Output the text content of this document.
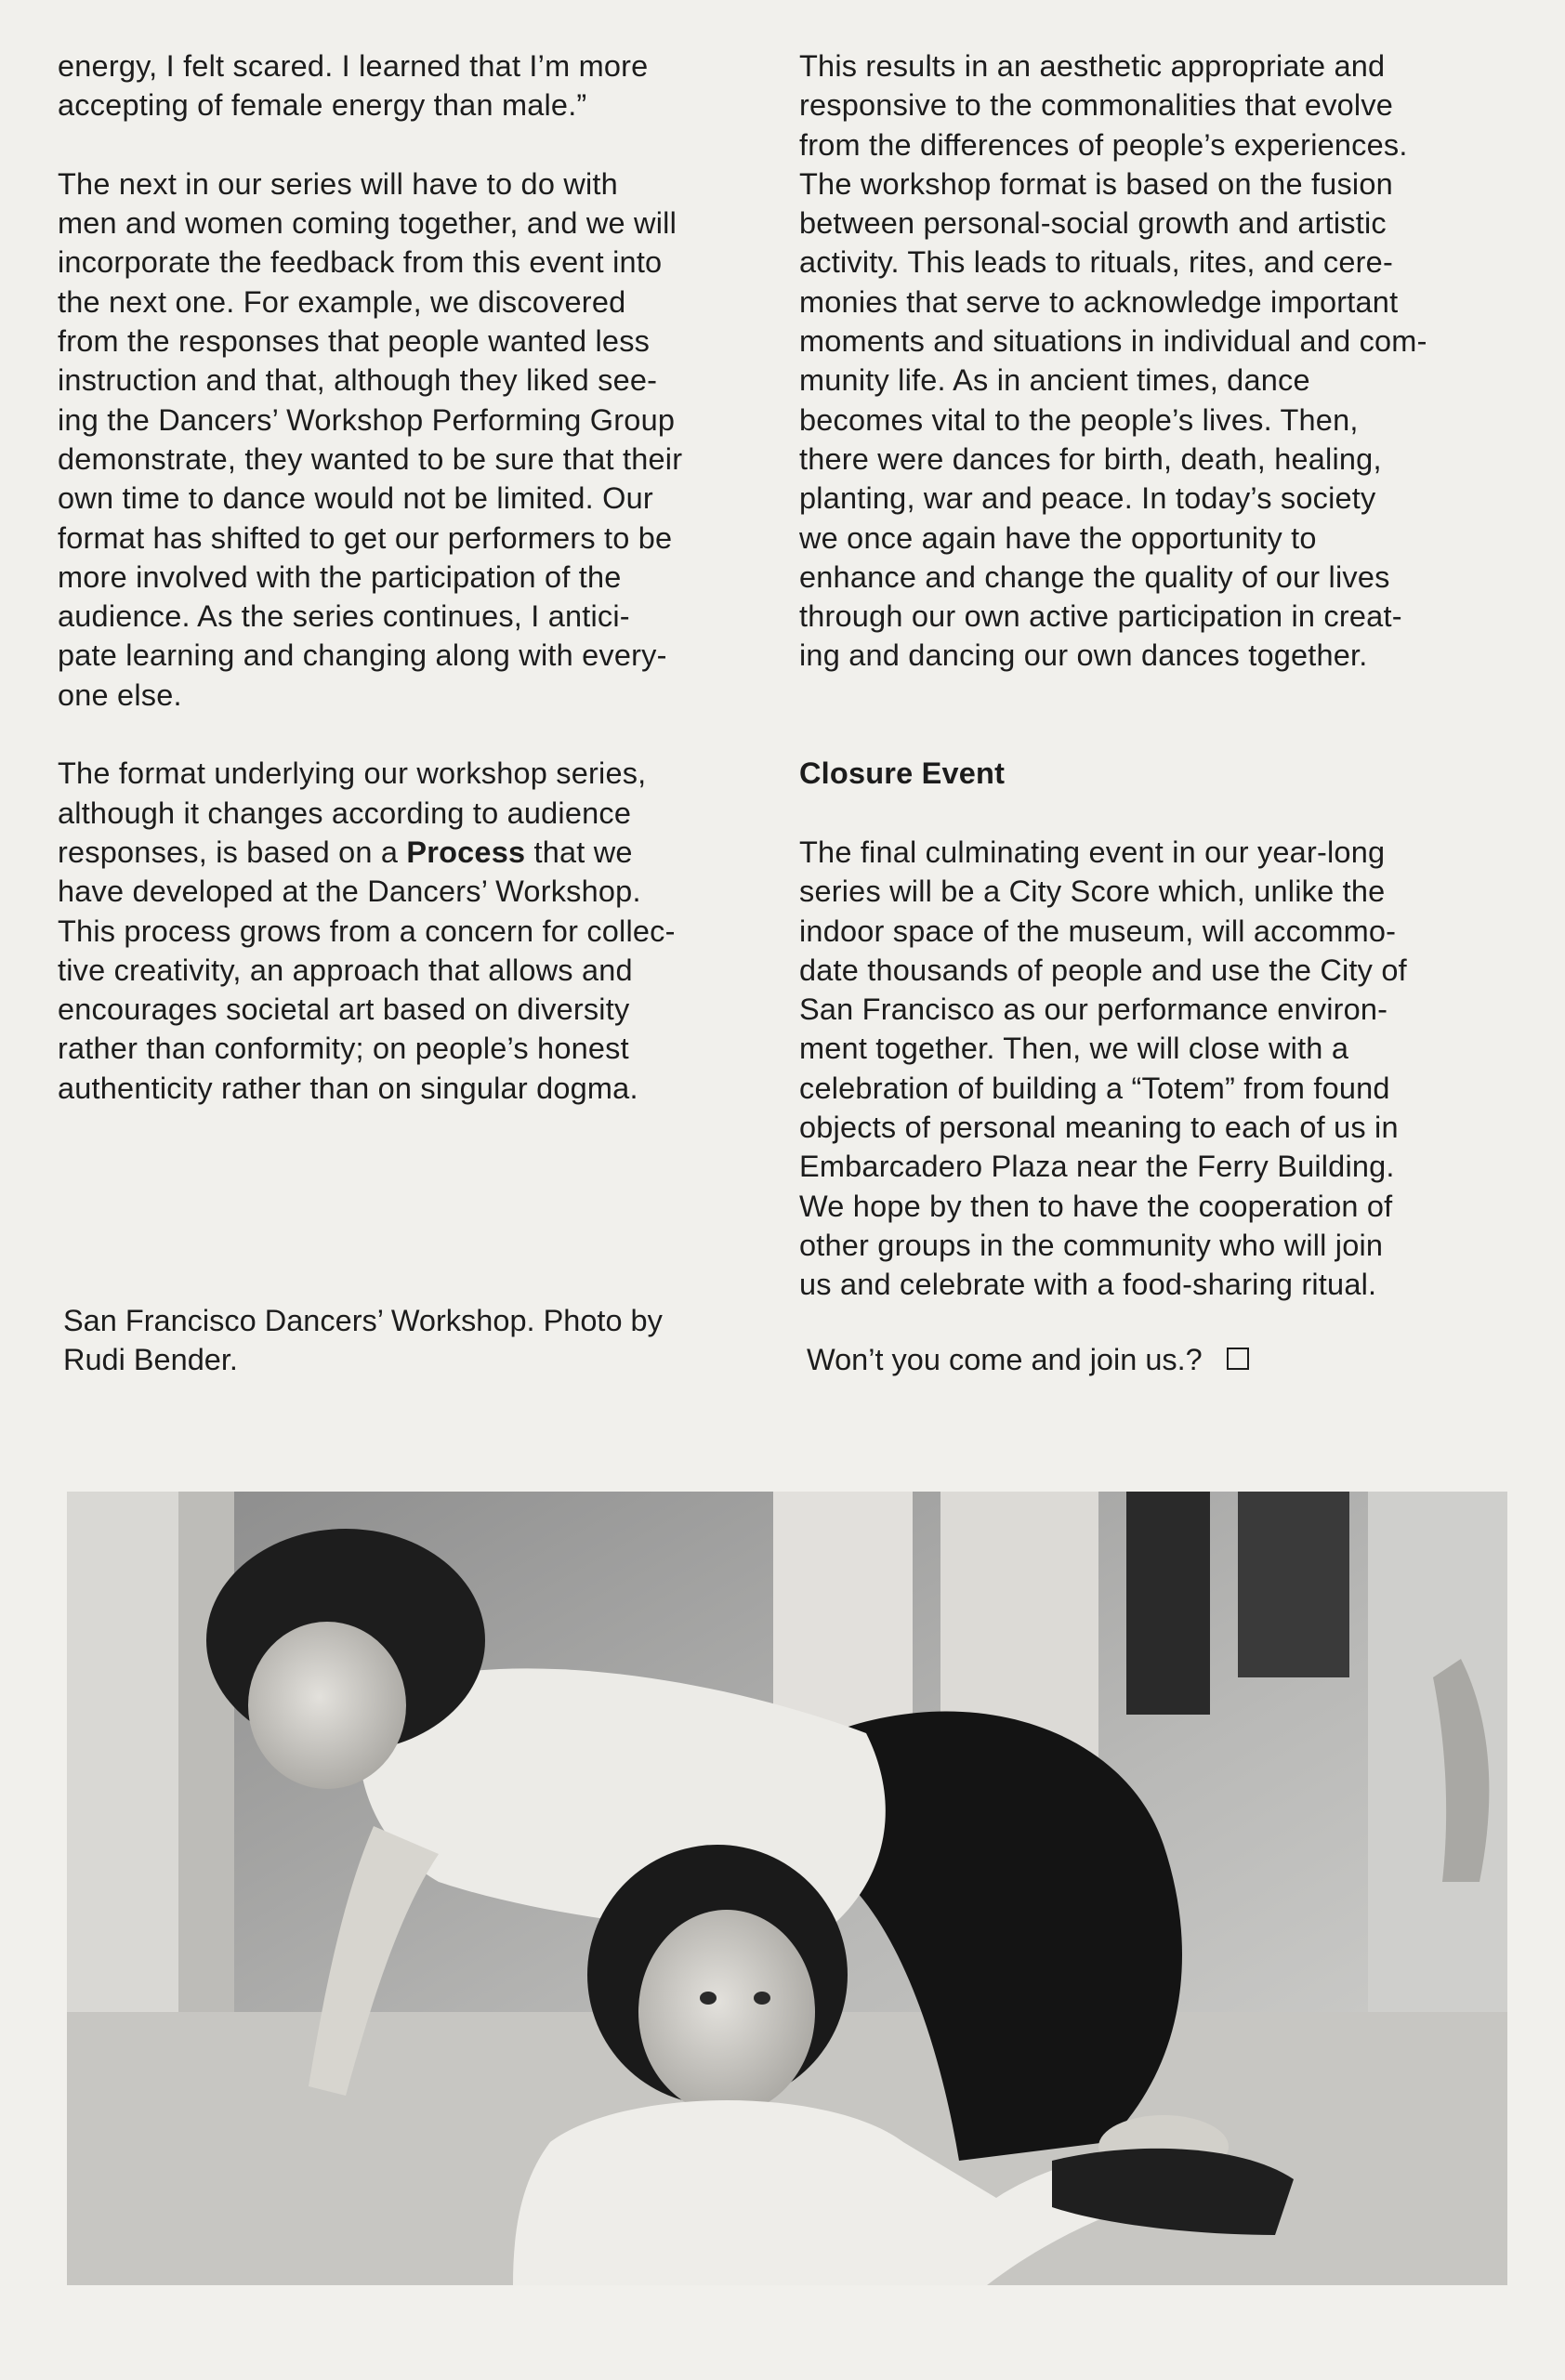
energy, I felt scared. I learned that I’m more
accepting of female energy than male.”

The next in our series will have to do with
men and women coming together, and we will
incorporate the feedback from this event into
the next one. For example, we discovered
from the responses that people wanted less
instruction and that, although they liked see-
ing the Dancers’ Workshop Performing Group
demonstrate, they wanted to be sure that their
own time to dance would not be limited. Our
format has shifted to get our performers to be
more involved with the participation of the
audience. As the series continues, I antici-
pate learning and changing along with every-
one else.

The format underlying our workshop series,
although it changes according to audience
responses, is based on a Process that we
have developed at the Dancers’ Workshop.
This process grows from a concern for collec-
tive creativity, an approach that allows and
encourages societal art based on diversity
rather than conformity; on people’s honest
authenticity rather than on singular dogma.

San Francisco Dancers’ Workshop. Photo by
Rudi Bender.

This results in an aesthetic appropriate and
responsive to the commonalities that evolve
from the differences of people’s experiences.
The workshop format is based on the fusion
between personal-social growth and artistic
activity. This leads to rituals, rites, and cere-
monies that serve to acknowledge important
moments and situations in individual and com-
munity life. As in ancient times, dance
becomes vital to the people’s lives. Then,
there were dances for birth, death, healing,
planting, war and peace. In today’s society
we once again have the opportunity to
enhance and change the quality of our lives
through our own active participation in creat-
ing and dancing our own dances together.

Closure Event

The final culminating event in our year-long
series will be a City Score which, unlike the
indoor space of the museum, will accommo-
date thousands of people and use the City of
San Francisco as our performance environ-
ment together. Then, we will close with a
celebration of building a “Totem” from found
objects of personal meaning to each of us in
Embarcadero Plaza near the Ferry Building.
We hope by then to have the cooperation of
other groups in the community who will join
us and celebrate with a food-sharing ritual.

Won’t you come and join us.?
